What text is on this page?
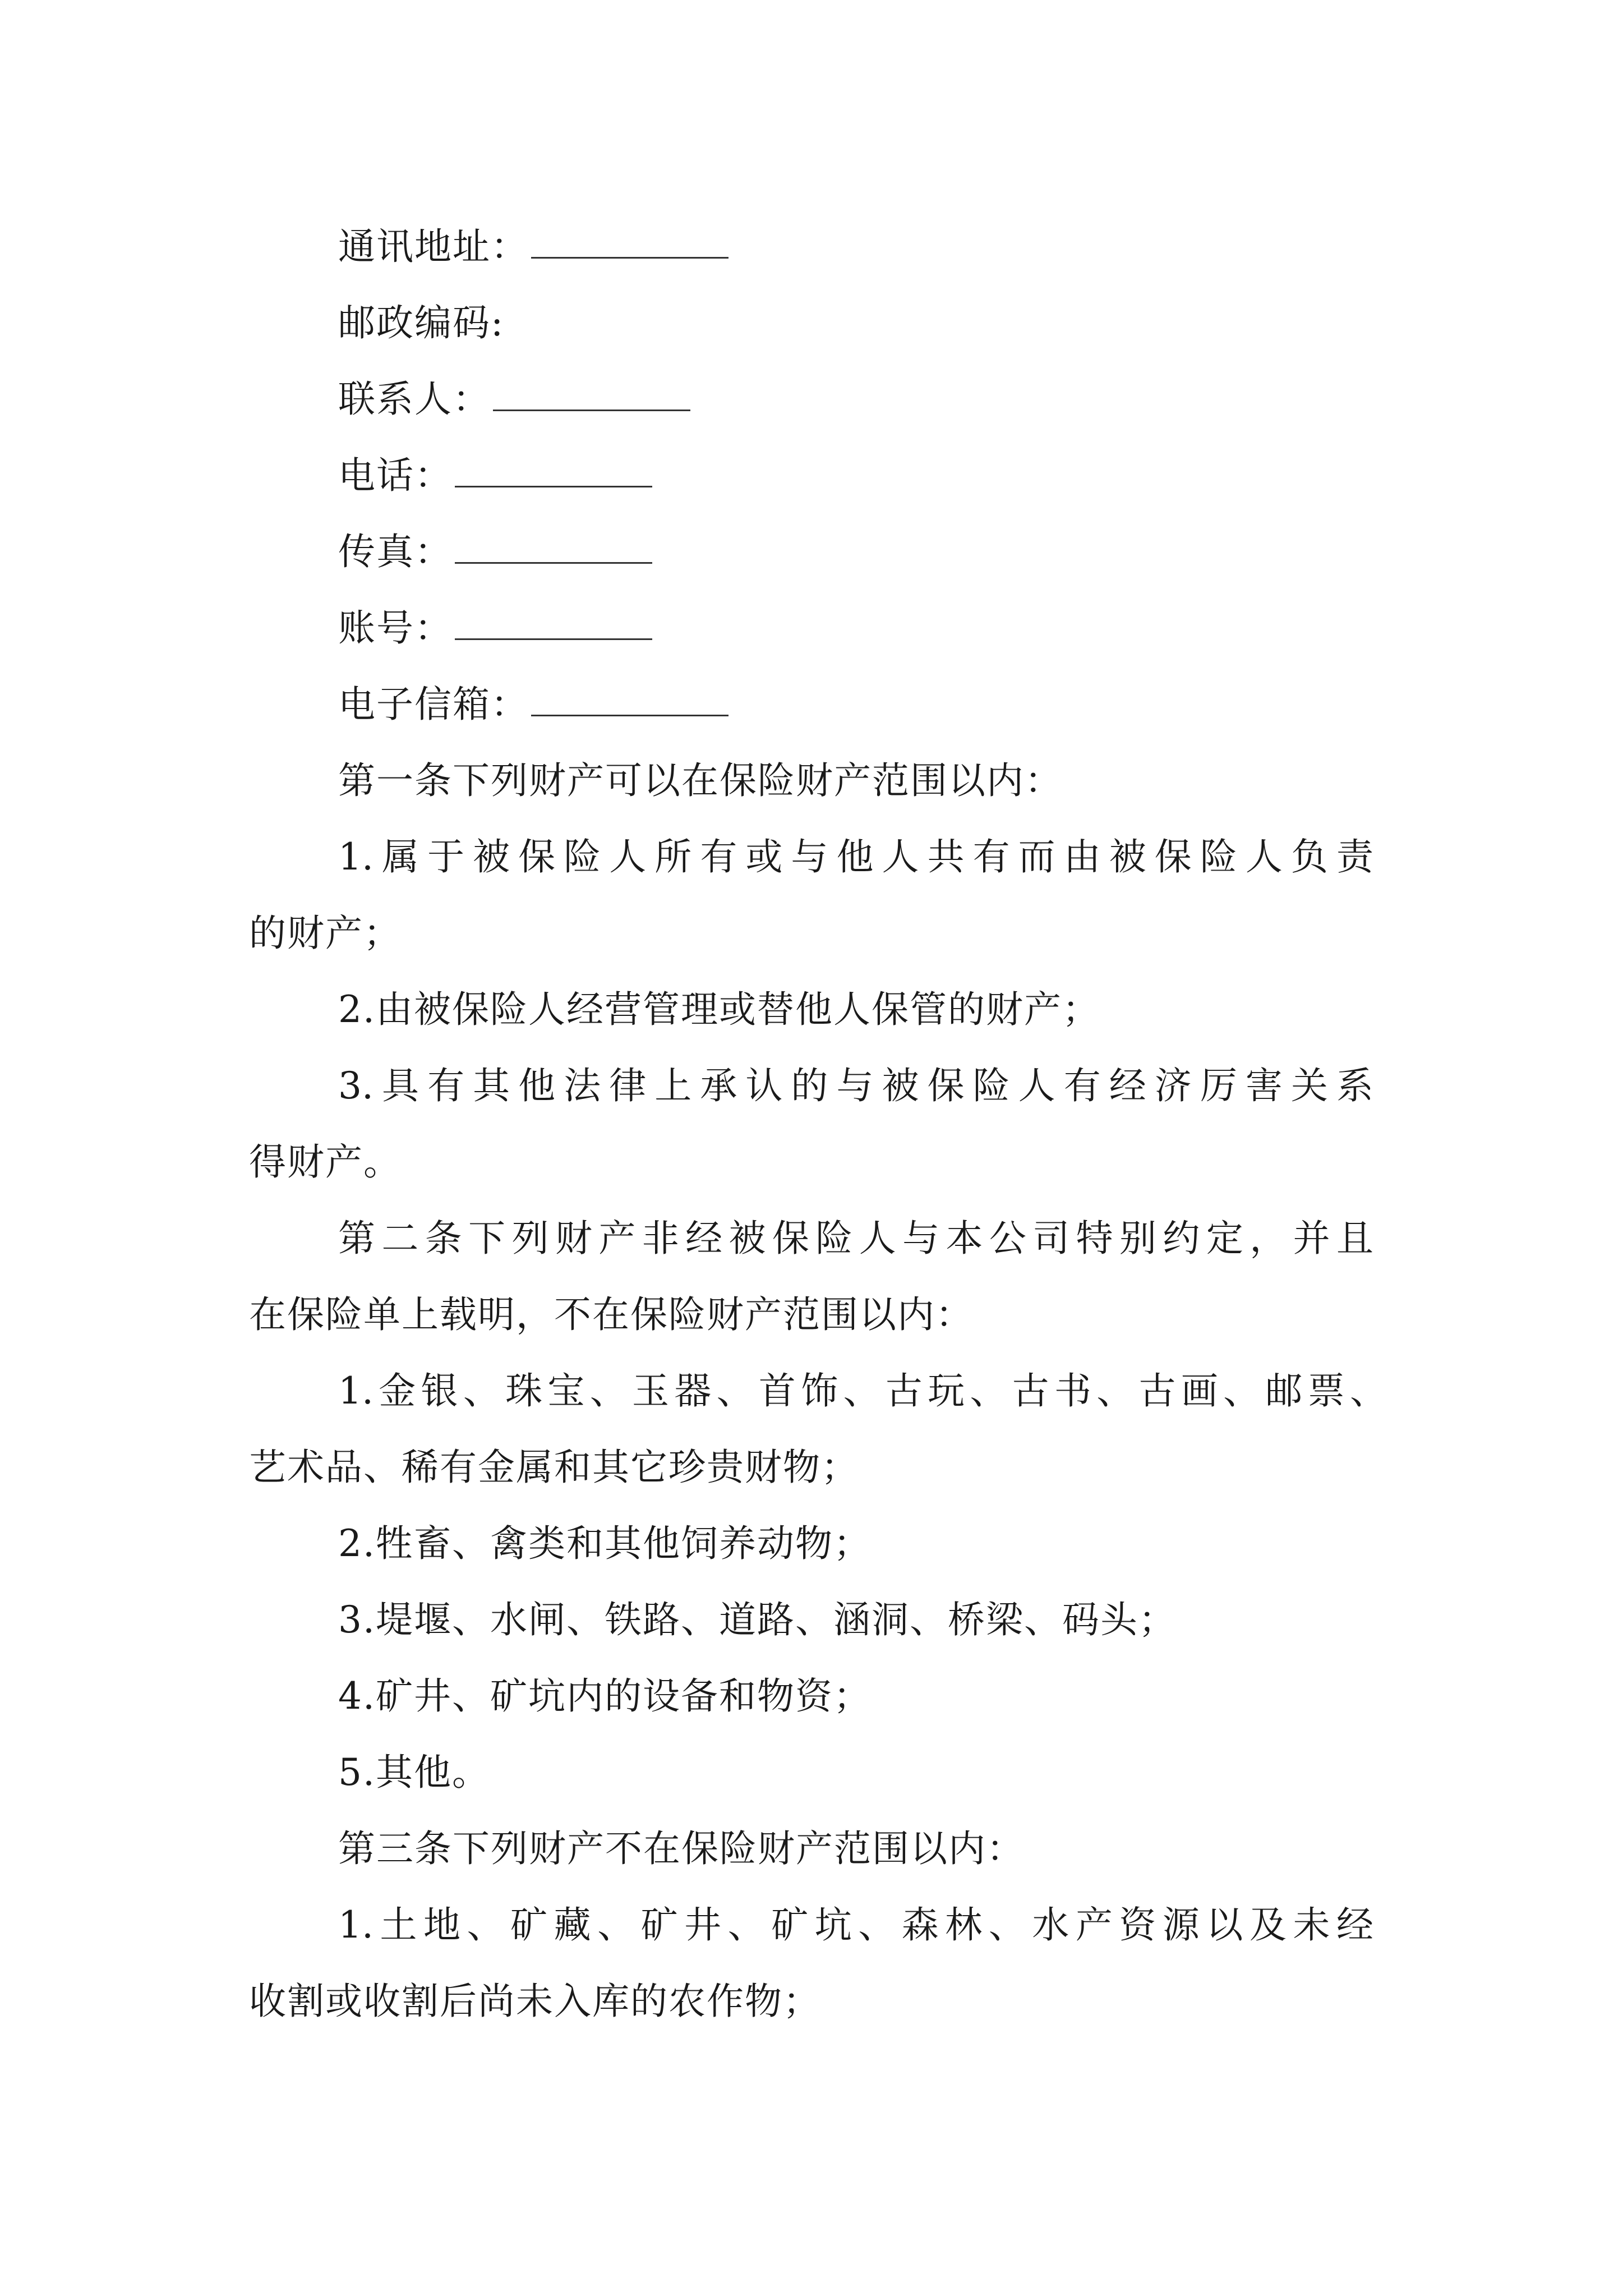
通讯地址：
邮政编码:
联系人：
电话：
传真：
账号：
电子信箱：
第一条下列财产可以在保险财产范围以内：
1.属于被保险人所有或与他人共有而由被保险人负责
的财产；
2.由被保险人经营管理或替他人保管的财产；
3.具有其他法律上承认的与被保险人有经济厉害关系
得财产。
第二条下列财产非经被保险人与本公司特别约定，并且
在保险单上载明，不在保险财产范围以内：
1.金银、珠宝、玉器、首饰、古玩、古书、古画、邮票、
艺术品、稀有金属和其它珍贵财物；
2.牲畜、禽类和其他饲养动物；
3.堤堰、水闸、铁路、道路、涵洞、桥梁、码头；
4.矿井、矿坑内的设备和物资；
5.其他。
第三条下列财产不在保险财产范围以内：
1.土地、矿藏、矿井、矿坑、森林、水产资源以及未经
收割或收割后尚未入库的农作物；
